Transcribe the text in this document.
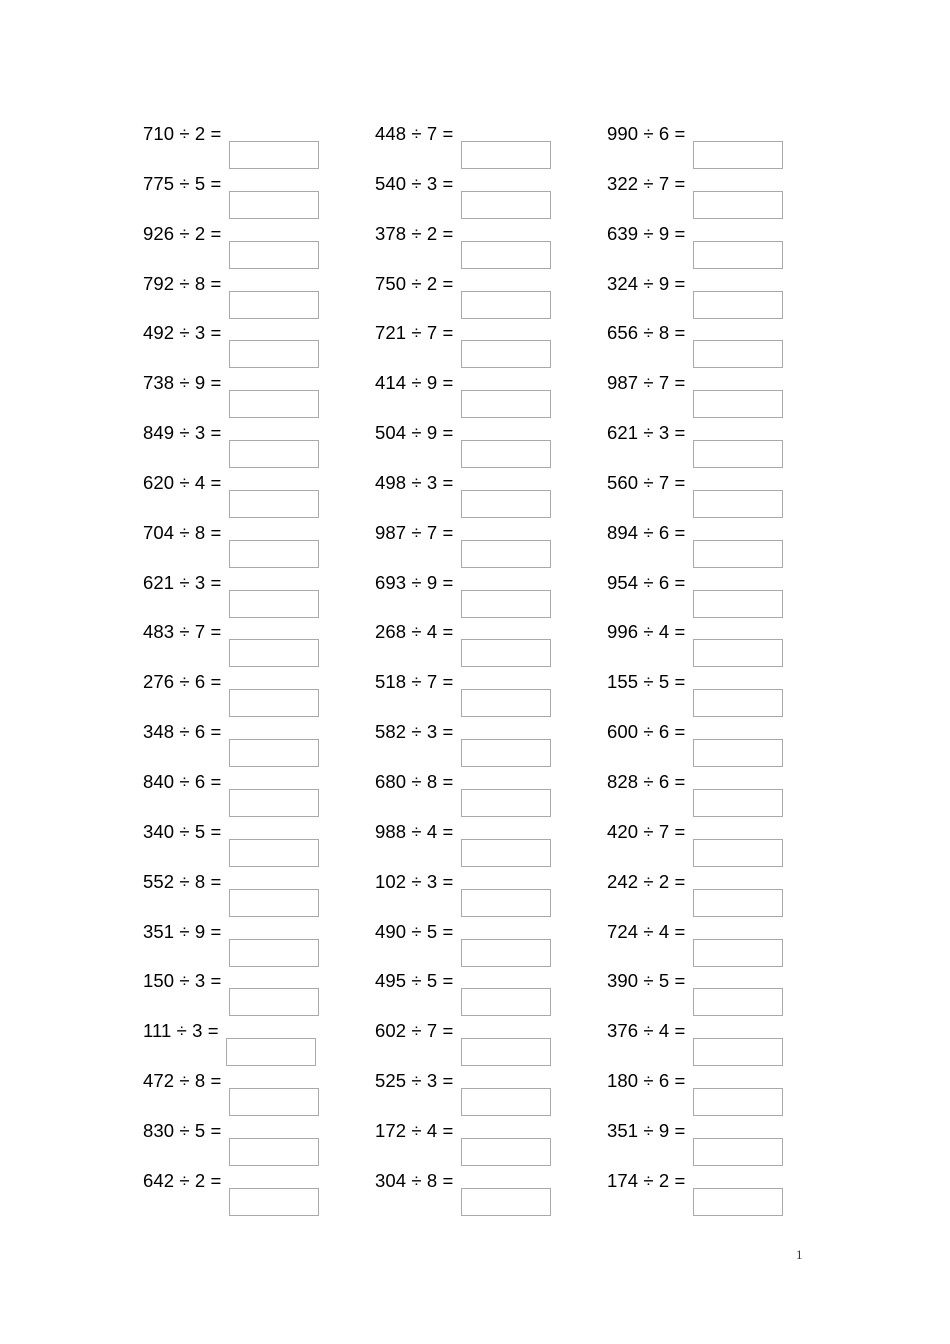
710 ÷ 2 =
775 ÷ 5 =
926 ÷ 2 =
792 ÷ 8 =
492 ÷ 3 =
738 ÷ 9 =
849 ÷ 3 =
620 ÷ 4 =
704 ÷ 8 =
621 ÷ 3 =
483 ÷ 7 =
276 ÷ 6 =
348 ÷ 6 =
840 ÷ 6 =
340 ÷ 5 =
552 ÷ 8 =
351 ÷ 9 =
150 ÷ 3 =
111 ÷ 3 =
472 ÷ 8 =
830 ÷ 5 =
642 ÷ 2 =
448 ÷ 7 =
540 ÷ 3 =
378 ÷ 2 =
750 ÷ 2 =
721 ÷ 7 =
414 ÷ 9 =
504 ÷ 9 =
498 ÷ 3 =
987 ÷ 7 =
693 ÷ 9 =
268 ÷ 4 =
518 ÷ 7 =
582 ÷ 3 =
680 ÷ 8 =
988 ÷ 4 =
102 ÷ 3 =
490 ÷ 5 =
495 ÷ 5 =
602 ÷ 7 =
525 ÷ 3 =
172 ÷ 4 =
304 ÷ 8 =
990 ÷ 6 =
322 ÷ 7 =
639 ÷ 9 =
324 ÷ 9 =
656 ÷ 8 =
987 ÷ 7 =
621 ÷ 3 =
560 ÷ 7 =
894 ÷ 6 =
954 ÷ 6 =
996 ÷ 4 =
155 ÷ 5 =
600 ÷ 6 =
828 ÷ 6 =
420 ÷ 7 =
242 ÷ 2 =
724 ÷ 4 =
390 ÷ 5 =
376 ÷ 4 =
180 ÷ 6 =
351 ÷ 9 =
174 ÷ 2 =
1
